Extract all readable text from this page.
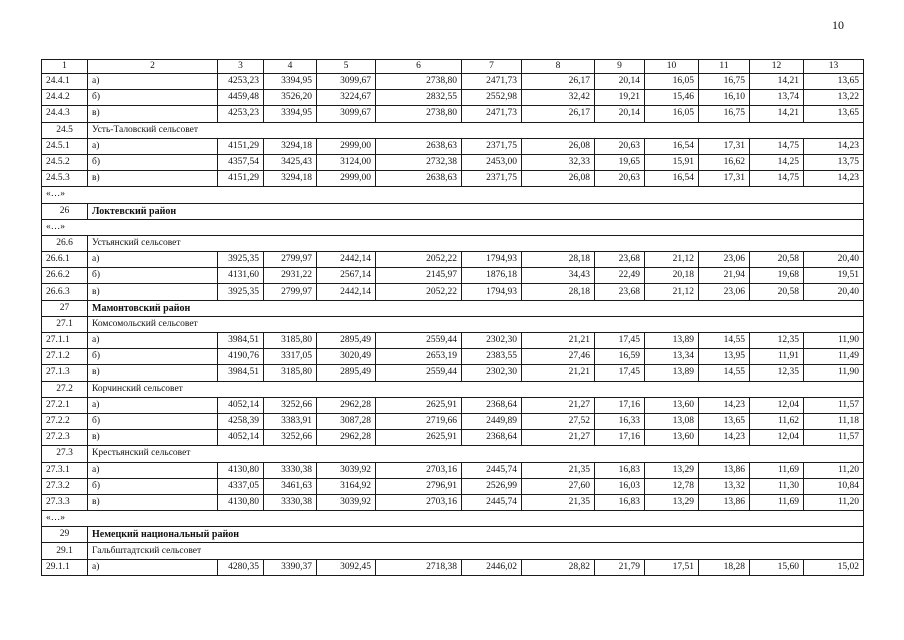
10
1	2	3	4	5	6	7	8	9	10	11	12	13
24.4.1	а)	4253,23	3394,95	3099,67	2738,80	2471,73	26,17	20,14	16,05	16,75	14,21	13,65
24.4.2	б)	4459,48	3526,20	3224,67	2832,55	2552,98	32,42	19,21	15,46	16,10	13,74	13,22
24.4.3	в)	4253,23	3394,95	3099,67	2738,80	2471,73	26,17	20,14	16,05	16,75	14,21	13,65
24.5	Усть-Таловский сельсовет											
24.5.1	а)	4151,29	3294,18	2999,00	2638,63	2371,75	26,08	20,63	16,54	17,31	14,75	14,23
24.5.2	б)	4357,54	3425,43	3124,00	2732,38	2453,00	32,33	19,65	15,91	16,62	14,25	13,75
24.5.3	в)	4151,29	3294,18	2999,00	2638,63	2371,75	26,08	20,63	16,54	17,31	14,75	14,23
«…»												
26	Локтевский район											
«…»												
26.6	Устьянский сельсовет											
26.6.1	а)	3925,35	2799,97	2442,14	2052,22	1794,93	28,18	23,68	21,12	23,06	20,58	20,40
26.6.2	б)	4131,60	2931,22	2567,14	2145,97	1876,18	34,43	22,49	20,18	21,94	19,68	19,51
26.6.3	в)	3925,35	2799,97	2442,14	2052,22	1794,93	28,18	23,68	21,12	23,06	20,58	20,40
27	Мамонтовский район											
27.1	Комсомольский сельсовет											
27.1.1	а)	3984,51	3185,80	2895,49	2559,44	2302,30	21,21	17,45	13,89	14,55	12,35	11,90
27.1.2	б)	4190,76	3317,05	3020,49	2653,19	2383,55	27,46	16,59	13,34	13,95	11,91	11,49
27.1.3	в)	3984,51	3185,80	2895,49	2559,44	2302,30	21,21	17,45	13,89	14,55	12,35	11,90
27.2	Корчинский сельсовет											
27.2.1	а)	4052,14	3252,66	2962,28	2625,91	2368,64	21,27	17,16	13,60	14,23	12,04	11,57
27.2.2	б)	4258,39	3383,91	3087,28	2719,66	2449,89	27,52	16,33	13,08	13,65	11,62	11,18
27.2.3	в)	4052,14	3252,66	2962,28	2625,91	2368,64	21,27	17,16	13,60	14,23	12,04	11,57
27.3	Крестьянский сельсовет											
27.3.1	а)	4130,80	3330,38	3039,92	2703,16	2445,74	21,35	16,83	13,29	13,86	11,69	11,20
27.3.2	б)	4337,05	3461,63	3164,92	2796,91	2526,99	27,60	16,03	12,78	13,32	11,30	10,84
27.3.3	в)	4130,80	3330,38	3039,92	2703,16	2445,74	21,35	16,83	13,29	13,86	11,69	11,20
«…»												
29	Немецкий национальный район											
29.1	Гальбштадтский сельсовет											
29.1.1	а)	4280,35	3390,37	3092,45	2718,38	2446,02	28,82	21,79	17,51	18,28	15,60	15,02
